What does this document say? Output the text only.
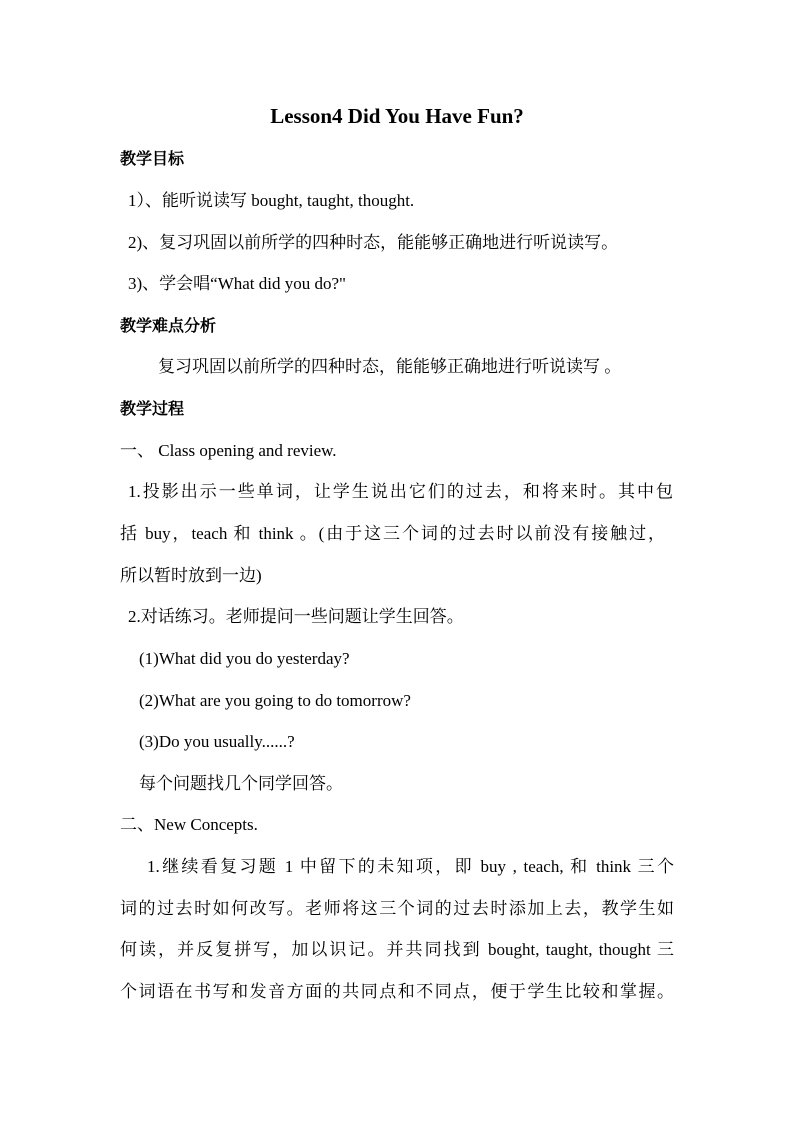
Lesson4 Did You Have Fun?
教学目标
1）、能听说读写 bought, taught, thought.
2)、复习巩固以前所学的四种时态，能能够正确地进行听说读写。
3)、学会唱“What did you do?"
教学难点分析
复习巩固以前所学的四种时态，能能够正确地进行听说读写 。
教学过程
一、 Class opening and review.
1.投影出示一些单词，让学生说出它们的过去，和将来时。其中包
括 buy，teach 和 think 。(由于这三个词的过去时以前没有接触过，
所以暂时放到一边)
2.对话练习。老师提问一些问题让学生回答。
(1)What did you do yesterday?
(2)What are you going to do tomorrow?
(3)Do you usually......?
每个问题找几个同学回答。
二、New Concepts.
1.继续看复习题 1 中留下的未知项，即 buy , teach, 和 think 三个
词的过去时如何改写。老师将这三个词的过去时添加上去，教学生如
何读，并反复拼写，加以识记。并共同找到 bought, taught, thought 三
个词语在书写和发音方面的共同点和不同点，便于学生比较和掌握。
